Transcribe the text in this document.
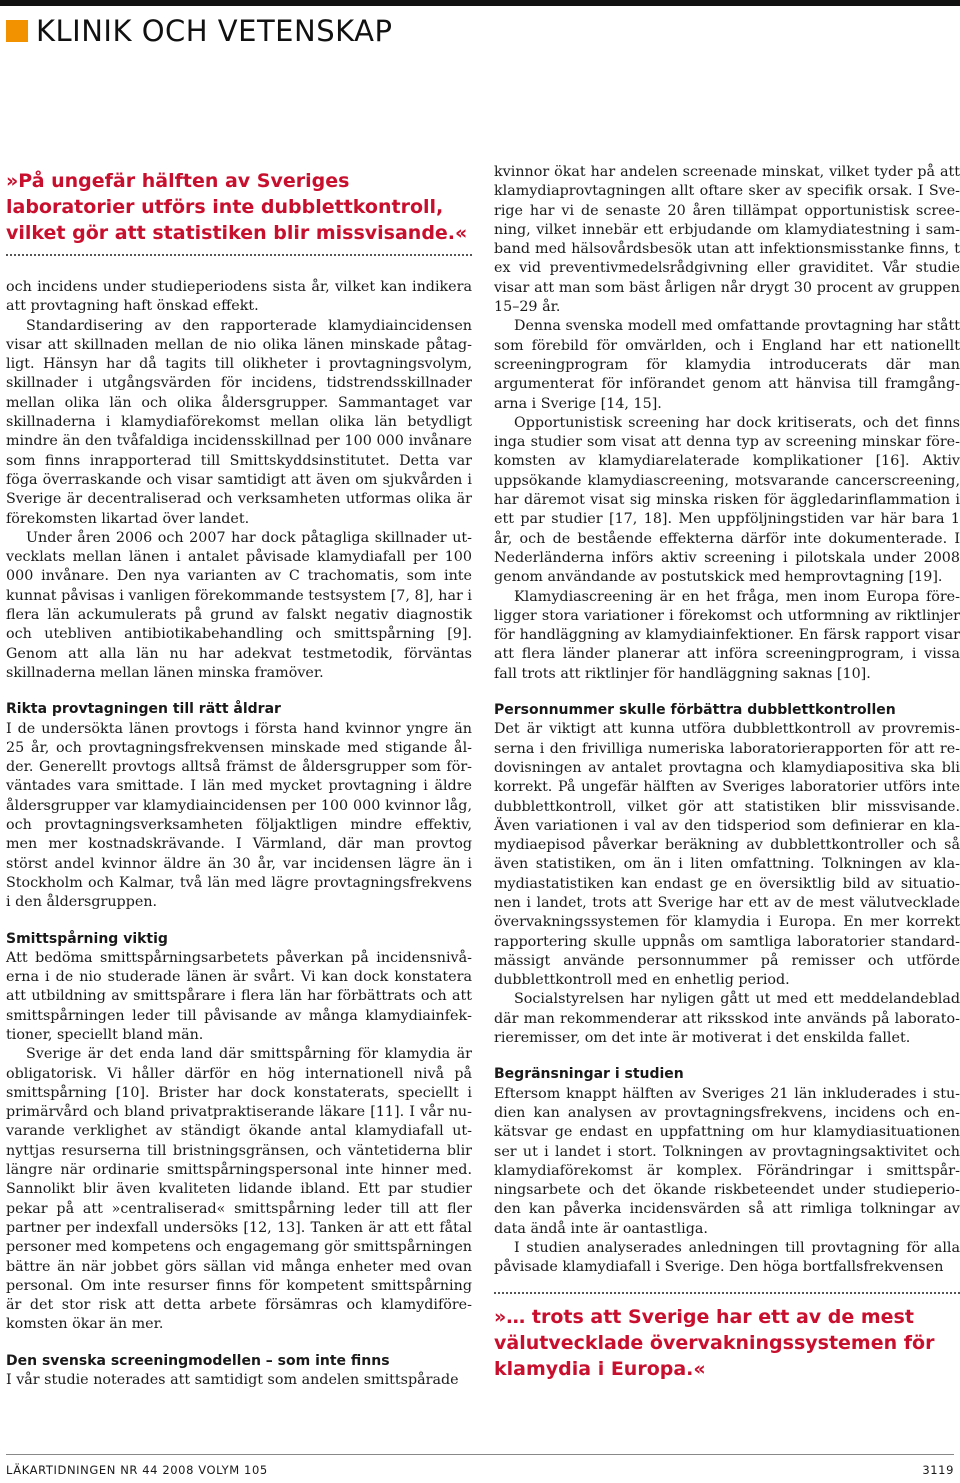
KLINIK OCH VETENSKAP
»På ungefär hälften av Sveriges laboratorier utförs inte dubblettkontroll, vilket gör att statistiken blir missvisande.«

och incidens under studieperiodens sista år, vilket kan indikera att provtagning haft önskad effekt.

Standardisering av den rapporterade klamydiaincidensen visar att skillnaden mellan de nio olika länen minskade påtagligt. Hänsyn har då tagits till olikheter i provtagningsvolym, skillnader i utgångsvärden för incidens, tidstrendsskillnader mellan olika län och olika åldersgrupper. Sammantaget var skillnaderna i klamydiaförekomst mellan olika län betydligt mindre än den tvåfaldiga incidensskillnad per 100 000 invånare som finns inrapporterad till Smittskyddsinstitutet. Detta var föga överraskande och visar samtidigt att även om sjukvården i Sverige är decentraliserad och verksamheten utformas olika är förekomsten likartad över landet.

Under åren 2006 och 2007 har dock påtagliga skillnader utvecklats mellan länen i antalet påvisade klamydiafall per 100 000 invånare. Den nya varianten av C trachomatis, som inte kunnat påvisas i vanligen förekommande testsystem [7, 8], har i flera län ackumulerats på grund av falskt negativ diagnostik och utebliven antibiotikabehandling och smittspårning [9]. Genom att alla län nu har adekvat testmetodik, förväntas skillnaderna mellan länen minska framöver.

Rikta provtagningen till rätt åldrar

I de undersökta länen provtogs i första hand kvinnor yngre än 25 år, och provtagningsfrekvensen minskade med stigande ålder. Generellt provtogs alltså främst de åldersgrupper som förväntades vara smittade. I län med mycket provtagning i äldre åldersgrupper var klamydiaincidensen per 100 000 kvinnor låg, och provtagningsverksamheten följaktligen mindre effektiv, men mer kostnadskrävande. I Värmland, där man provtog störst andel kvinnor äldre än 30 år, var incidensen lägre än i Stockholm och Kalmar, två län med lägre provtagningsfrekvens i den åldersgruppen.

Smittspårning viktig

Att bedöma smittspårningsarbetets påverkan på incidensnivåerna i de nio studerade länen är svårt. Vi kan dock konstatera att utbildning av smittspårare i flera län har förbättrats och att smittspårningen leder till påvisande av många klamydiainfektioner, speciellt bland män.

Sverige är det enda land där smittspårning för klamydia är obligatorisk. Vi håller därför en hög internationell nivå på smittspårning [10]. Brister har dock konstaterats, speciellt i primärvård och bland privatpraktiserande läkare [11]. I vår nuvarande verklighet av ständigt ökande antal klamydiafall utnyttjas resurserna till bristningsgränsen, och väntetiderna blir längre när ordinarie smittspårningspersonal inte hinner med. Sannolikt blir även kvaliteten lidande ibland. Ett par studier pekar på att »centraliserad« smittspårning leder till att fler partner per indexfall undersöks [12, 13]. Tanken är att ett fåtal personer med kompetens och engagemang gör smittspårningen bättre än när jobbet görs sällan vid många enheter med ovan personal. Om inte resurser finns för kompetent smittspårning är det stor risk att detta arbete försämras och klamydiförekomsten ökar än mer.

Den svenska screeningmodellen – som inte finns

I vår studie noterades att samtidigt som andelen smittspårade

kvinnor ökat har andelen screenade minskat, vilket tyder på att klamydiaprovtagningen allt oftare sker av specifik orsak. I Sverige har vi de senaste 20 åren tillämpat opportunistisk screening, vilket innebär ett erbjudande om klamydiatestning i samband med hälsovårdsbesök utan att infektionsmisstanke finns, t ex vid preventivmedelsrådgivning eller graviditet. Vår studie visar att man som bäst årligen når drygt 30 procent av gruppen 15–29 år.

Denna svenska modell med omfattande provtagning har stått som förebild för omvärlden, och i England har ett nationellt screeningprogram för klamydia introducerats där man argumenterat för införandet genom att hänvisa till framgångarna i Sverige [14, 15].

Opportunistisk screening har dock kritiserats, och det finns inga studier som visat att denna typ av screening minskar förekomsten av klamydiarelaterade komplikationer [16]. Aktiv uppsökande klamydiascreening, motsvarande cancerscreening, har däremot visat sig minska risken för äggledarinflammation i ett par studier [17, 18]. Men uppföljningstiden var här bara 1 år, och de bestående effekterna därför inte dokumenterade. I Nederländerna införs aktiv screening i pilotskala under 2008 genom användande av postutskick med hemprovtagning [19].

Klamydiascreening är en het fråga, men inom Europa föreligger stora variationer i förekomst och utformning av riktlinjer för handläggning av klamydiainfektioner. En färsk rapport visar att flera länder planerar att införa screeningprogram, i vissa fall trots att riktlinjer för handläggning saknas [10].

Personnummer skulle förbättra dubblettkontrollen

Det är viktigt att kunna utföra dubblettkontroll av provremisserna i den frivilliga numeriska laboratorierapporten för att redovisningen av antalet provtagna och klamydiapositiva ska bli korrekt. På ungefär hälften av Sveriges laboratorier utförs inte dubblettkontroll, vilket gör att statistiken blir missvisande. Även variationen i val av den tidsperiod som definierar en klamydiaepisod påverkar beräkning av dubblettkontroller och så även statistiken, om än i liten omfattning. Tolkningen av klamydiastatistiken kan endast ge en översiktlig bild av situationen i landet, trots att Sverige har ett av de mest välutvecklade övervakningssystemen för klamydia i Europa. En mer korrekt rapportering skulle uppnås om samtliga laboratorier standardmässigt använde personnummer på remisser och utförde dubblettkontroll med en enhetlig period.

Socialstyrelsen har nyligen gått ut med ett meddelandeblad där man rekommenderar att riksskod inte används på laboratorieremisser, om det inte är motiverat i det enskilda fallet.

Begränsningar i studien

Eftersom knappt hälften av Sveriges 21 län inkluderades i studien kan analysen av provtagningsfrekvens, incidens och enkätsvar ge endast en uppfattning om hur klamydiasituationen ser ut i landet i stort. Tolkningen av provtagningsaktivitet och klamydiaförekomst är komplex. Förändringar i smittspårningsarbete och det ökande riskbeteendet under studieperioden kan påverka incidensvärden så att rimliga tolkningar av data ändå inte är oantastliga.

I studien analyserades anledningen till provtagning för alla påvisade klamydiafall i Sverige. Den höga bortfallsfrekvensen

»… trots att Sverige har ett av de mest välutvecklade övervakningssystemen för klamydia i Europa.«
LÄKARTIDNINGEN NR 44 2008 VOLYM 105	3119
